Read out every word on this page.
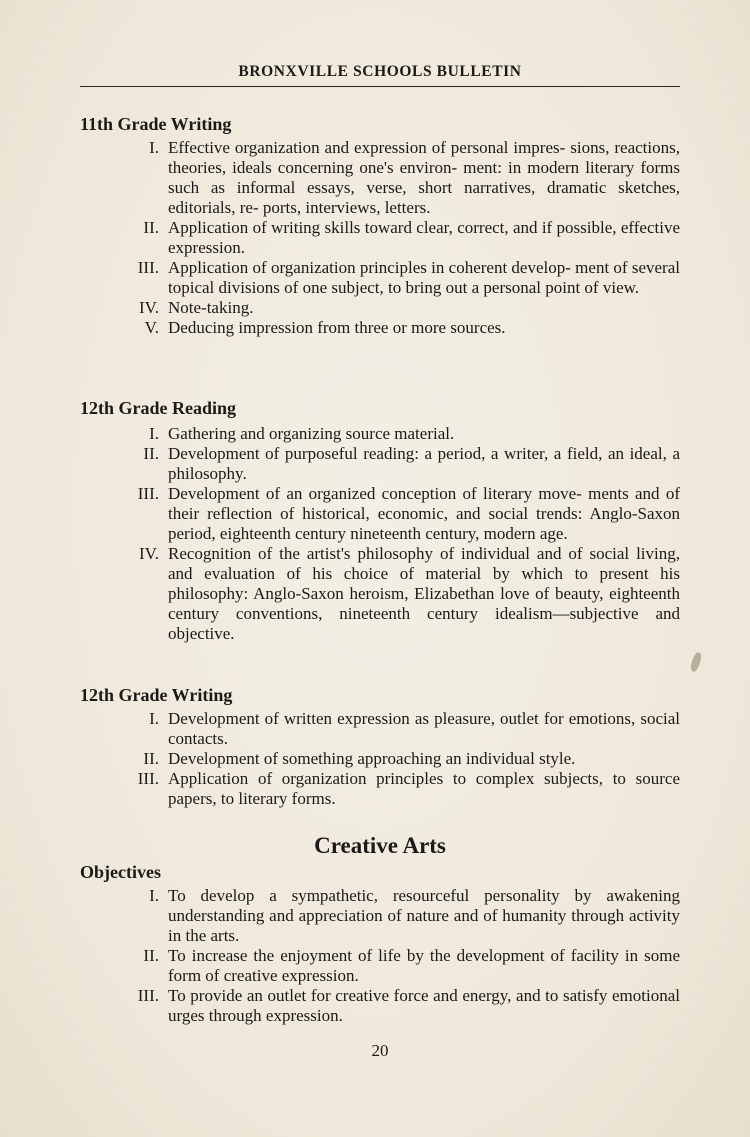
BRONXVILLE SCHOOLS BULLETIN
11th Grade Writing
I. Effective organization and expression of personal impres- sions, reactions, theories, ideals concerning one's environ- ment: in modern literary forms such as informal essays, verse, short narratives, dramatic sketches, editorials, re- ports, interviews, letters.
II. Application of writing skills toward clear, correct, and if possible, effective expression.
III. Application of organization principles in coherent develop- ment of several topical divisions of one subject, to bring out a personal point of view.
IV. Note-taking.
V. Deducing impression from three or more sources.
12th Grade Reading
I. Gathering and organizing source material.
II. Development of purposeful reading: a period, a writer, a field, an ideal, a philosophy.
III. Development of an organized conception of literary move- ments and of their reflection of historical, economic, and social trends: Anglo-Saxon period, eighteenth century nineteenth century, modern age.
IV. Recognition of the artist's philosophy of individual and of social living, and evaluation of his choice of material by which to present his philosophy: Anglo-Saxon heroism, Elizabethan love of beauty, eighteenth century conventions, nineteenth century idealism—subjective and objective.
12th Grade Writing
I. Development of written expression as pleasure, outlet for emotions, social contacts.
II. Development of something approaching an individual style.
III. Application of organization principles to complex subjects, to source papers, to literary forms.
Creative Arts
Objectives
I. To develop a sympathetic, resourceful personality by awakening understanding and appreciation of nature and of humanity through activity in the arts.
II. To increase the enjoyment of life by the development of facility in some form of creative expression.
III. To provide an outlet for creative force and energy, and to satisfy emotional urges through expression.
20
